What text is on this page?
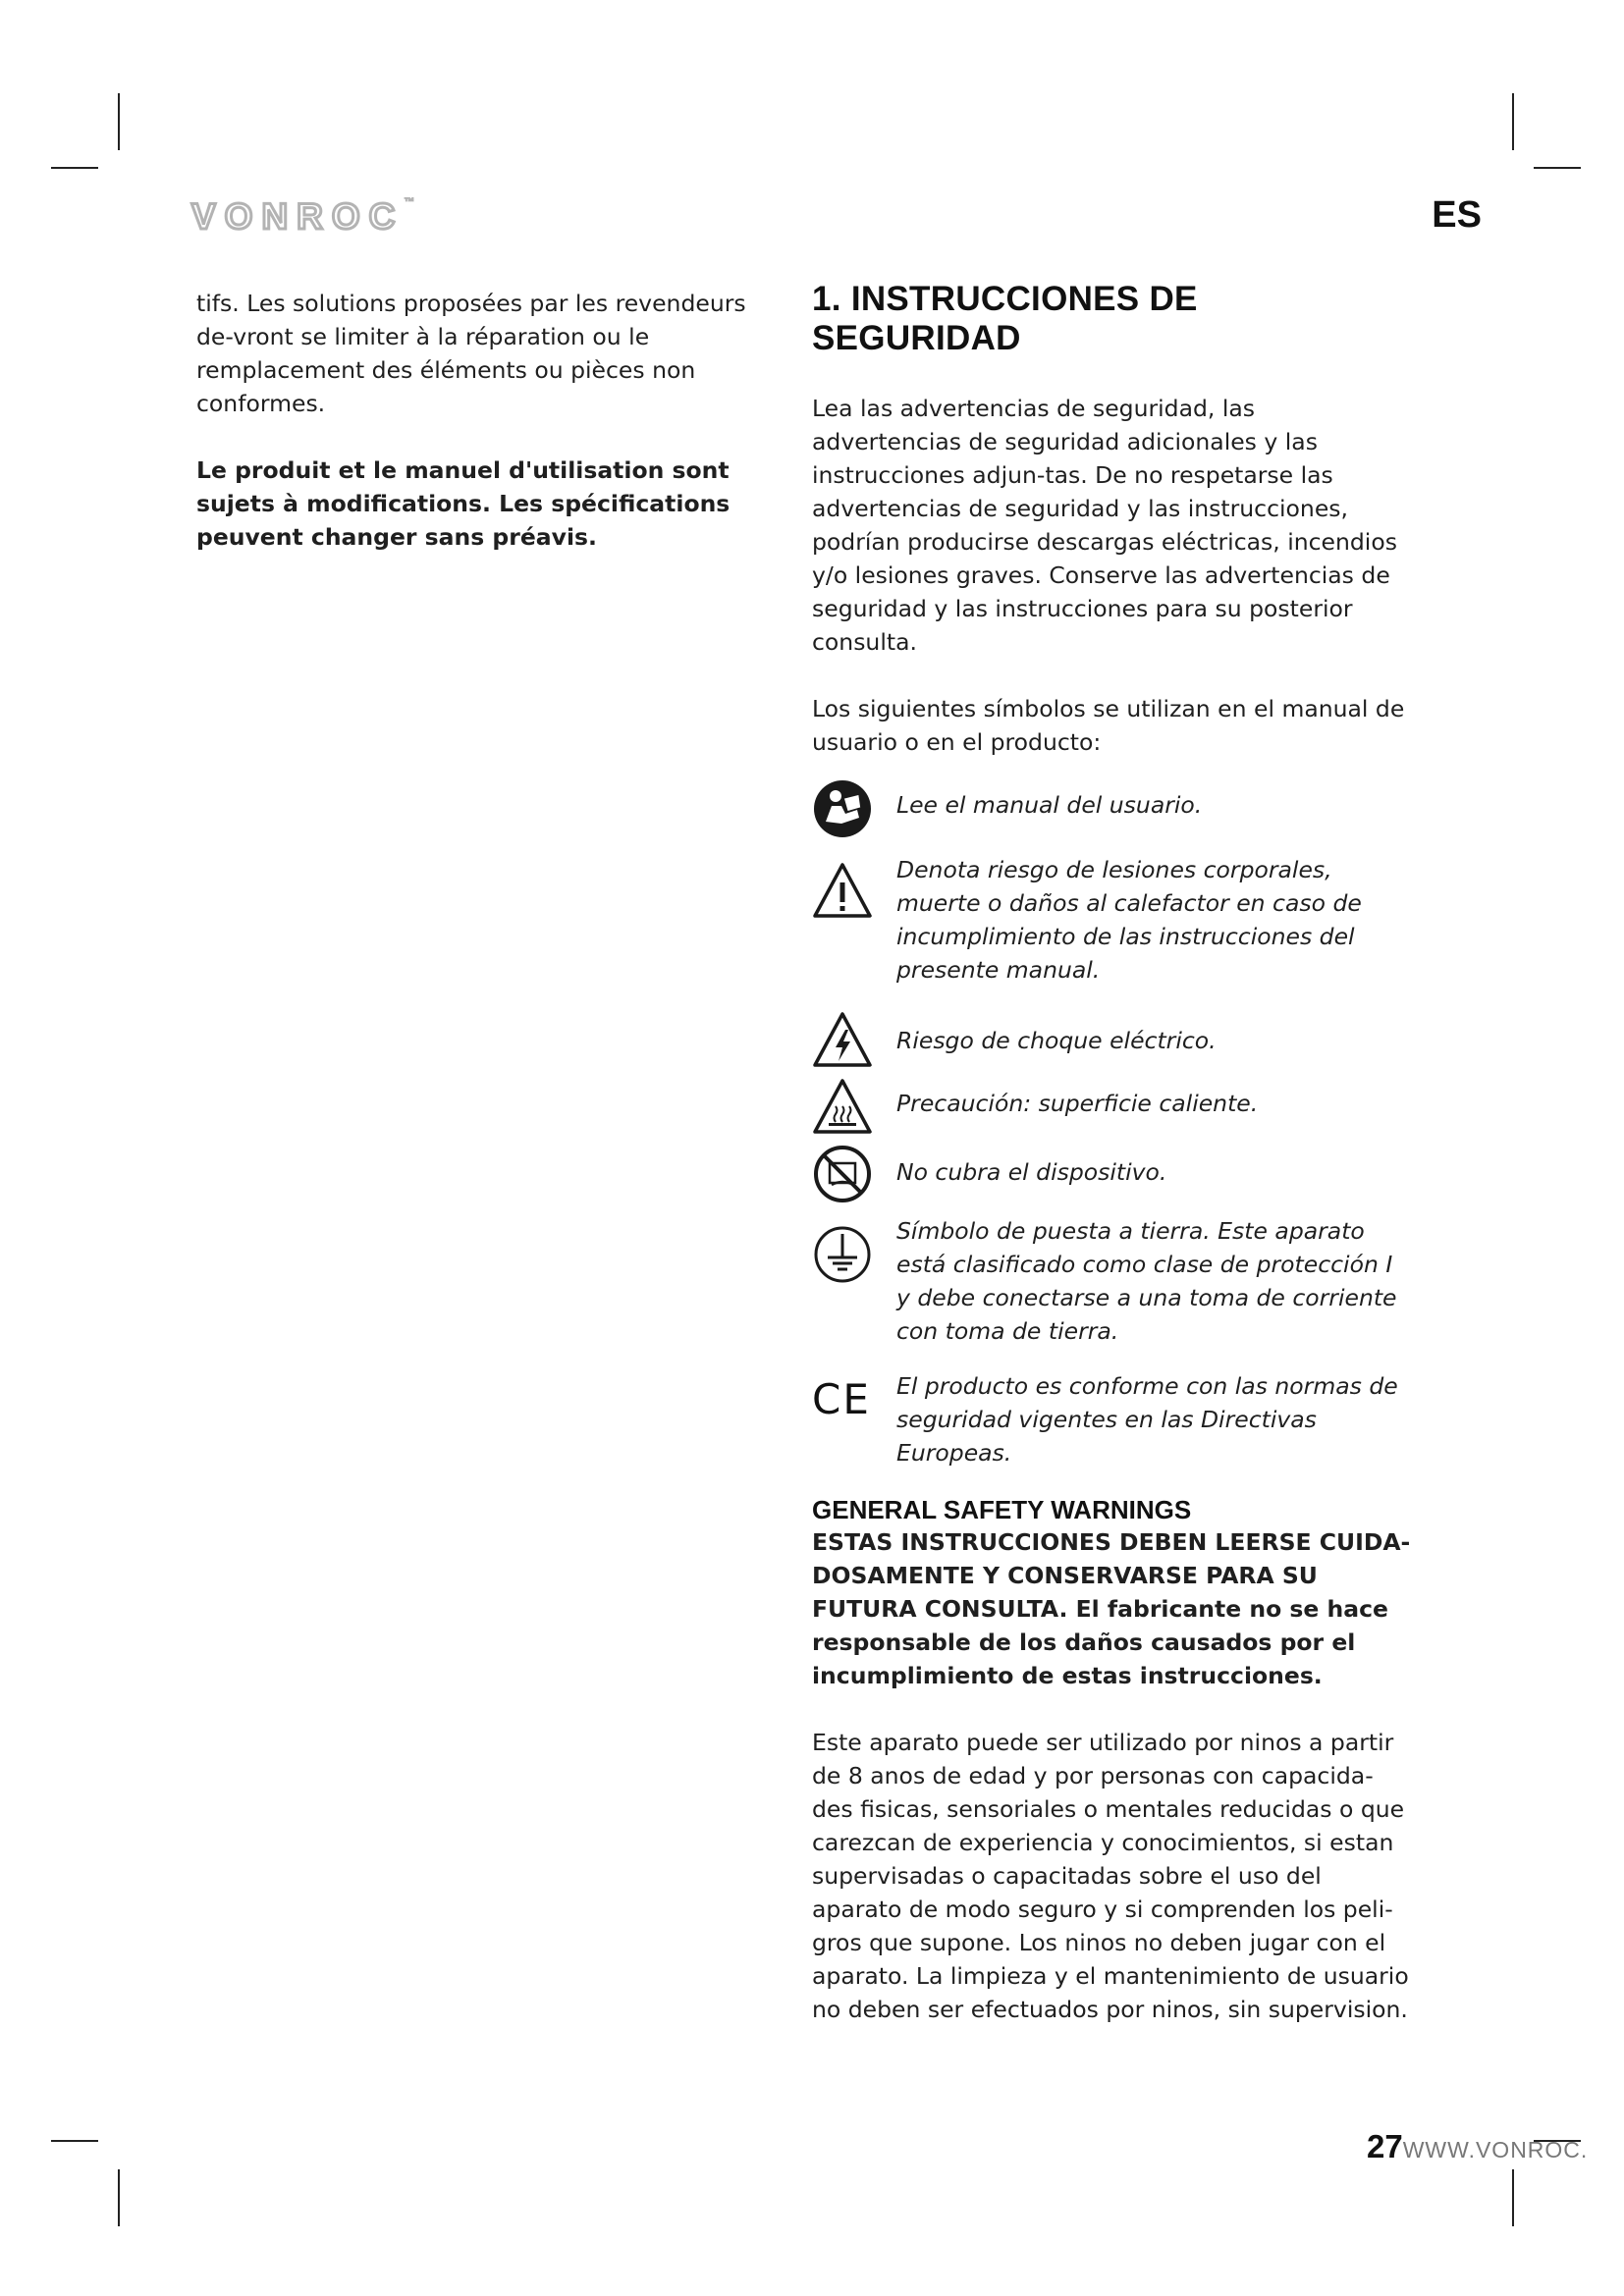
VONROC™	ES

tifs. Les solutions proposées par les revendeurs de-vront se limiter à la réparation ou le remplacement des éléments ou pièces non conformes.

Le produit et le manuel d'utilisation sont sujets à modifications. Les spécifications peuvent changer sans préavis.

1. INSTRUCCIONES DE SEGURIDAD

Lea las advertencias de seguridad, las advertencias de seguridad adicionales y las instrucciones adjun-tas. De no respetarse las advertencias de seguridad y las instrucciones, podrían producirse descargas eléctricas, incendios y/o lesiones graves. Conserve las advertencias de seguridad y las instrucciones para su posterior consulta.

Los siguientes símbolos se utilizan en el manual de usuario o en el producto:

Lee el manual del usuario.

Denota riesgo de lesiones corporales, muerte o daños al calefactor en caso de incumplimiento de las instrucciones del presente manual.

Riesgo de choque eléctrico.

Precaución: superficie caliente.

No cubra el dispositivo.

Símbolo de puesta a tierra. Este aparato está clasificado como clase de protección I y debe conectarse a una toma de corriente con toma de tierra.

CE El producto es conforme con las normas de seguridad vigentes en las Directivas Europeas.

GENERAL SAFETY WARNINGS

ESTAS INSTRUCCIONES DEBEN LEERSE CUIDA-DOSAMENTE Y CONSERVARSE PARA SU FUTURA CONSULTA. El fabricante no se hace responsable de los daños causados por el incumplimiento de estas instrucciones.

Este aparato puede ser utilizado por ninos a partir de 8 anos de edad y por personas con capacida-des fisicas, sensoriales o mentales reducidas o que carezcan de experiencia y conocimientos, si estan supervisadas o capacitadas sobre el uso del aparato de modo seguro y si comprenden los peli-gros que supone. Los ninos no deben jugar con el aparato. La limpieza y el mantenimiento de usuario no deben ser efectuados por ninos, sin supervision.

27 WWW.VONROC.
